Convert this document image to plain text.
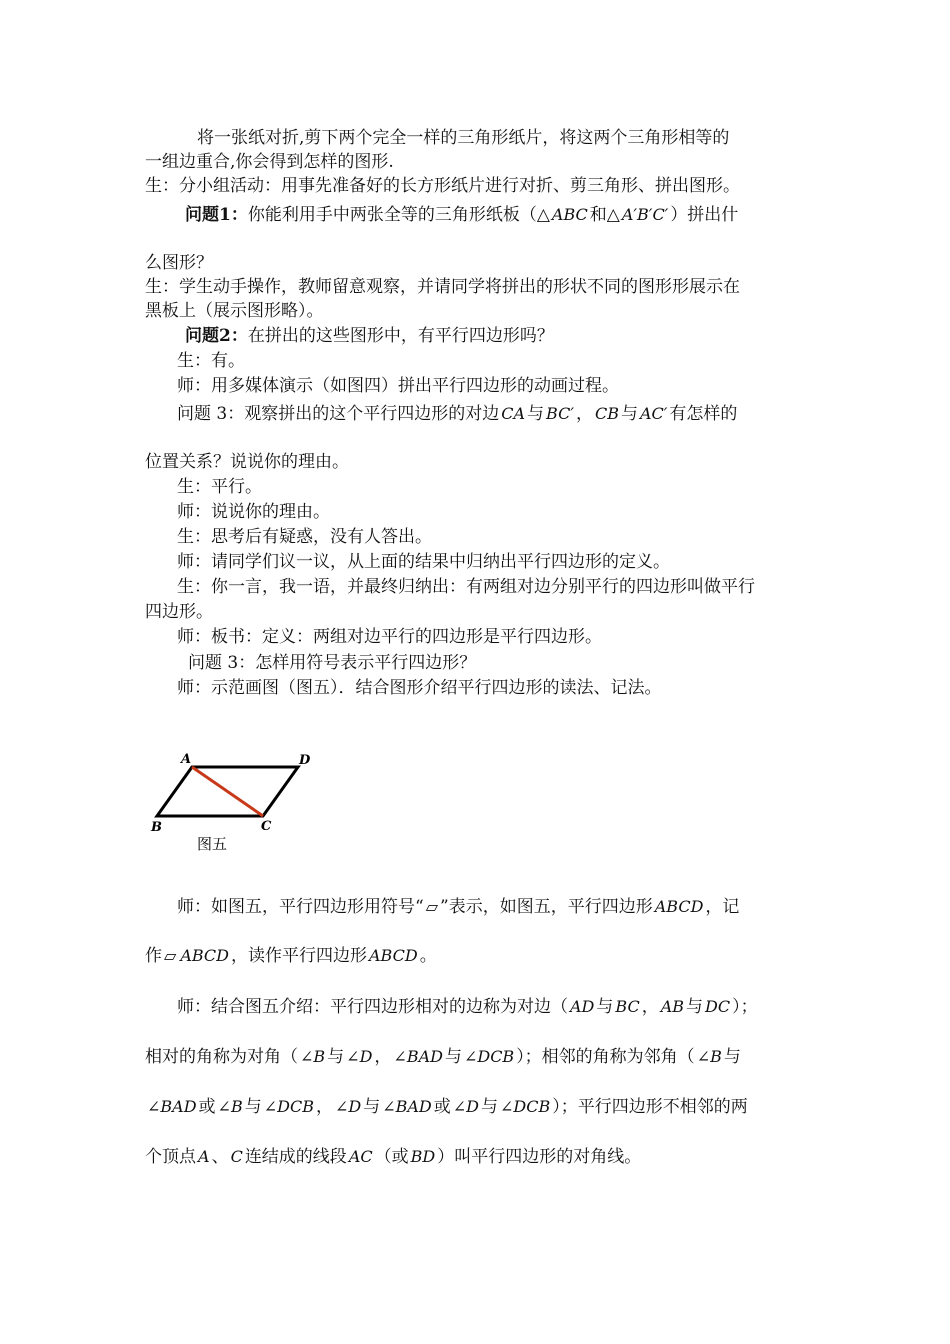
将一张纸对折,剪下两个完全一样的三角形纸片，将这两个三角形相等的
一组边重合,你会得到怎样的图形.
生：分小组活动：用事先准备好的长方形纸片进行对折、剪三角形、拼出图形。
问题1：你能利用手中两张全等的三角形纸板（△ ABC 和△ A′B′C′ ）拼出什
么图形？
生：学生动手操作，教师留意观察，并请同学将拼出的形状不同的图形形展示在
黑板上（展示图形略）。
问题2：在拼出的这些图形中，有平行四边形吗？
生：有。
师：用多媒体演示（如图四）拼出平行四边形的动画过程。
问题 3：观察拼出的这个平行四边形的对边 CA 与 BC′ ， CB 与 AC′ 有怎样的
位置关系？说说你的理由。
生：平行。
师：说说你的理由。
生：思考后有疑惑，没有人答出。
师：请同学们议一议，从上面的结果中归纳出平行四边形的定义。
生：你一言，我一语，并最终归纳出：有两组对边分别平行的四边形叫做平行
四边形。
师：板书：定义：两组对边平行的四边形是平行四边形。
问题 3：怎样用符号表示平行四边形？
师：示范画图（图五）．结合图形介绍平行四边形的读法、记法。
A	D
B	C
图五
师：如图五，平行四边形用符号“ ▱ ”表示，如图五，平行四边形 ABCD ，记
作 ▱ ABCD ，读作平行四边形 ABCD 。
师：结合图五介绍：平行四边形相对的边称为对边（ AD 与 BC ， AB 与 DC ）；
相对的角称为对角（ ∠B 与 ∠D ， ∠BAD 与 ∠DCB ）；相邻的角称为邻角（ ∠B 与
∠BAD 或 ∠B 与 ∠DCB ， ∠D 与 ∠BAD 或 ∠D 与 ∠DCB ）；平行四边形不相邻的两
个顶点 A 、 C 连结成的线段 AC （或 BD ）叫平行四边形的对角线。
